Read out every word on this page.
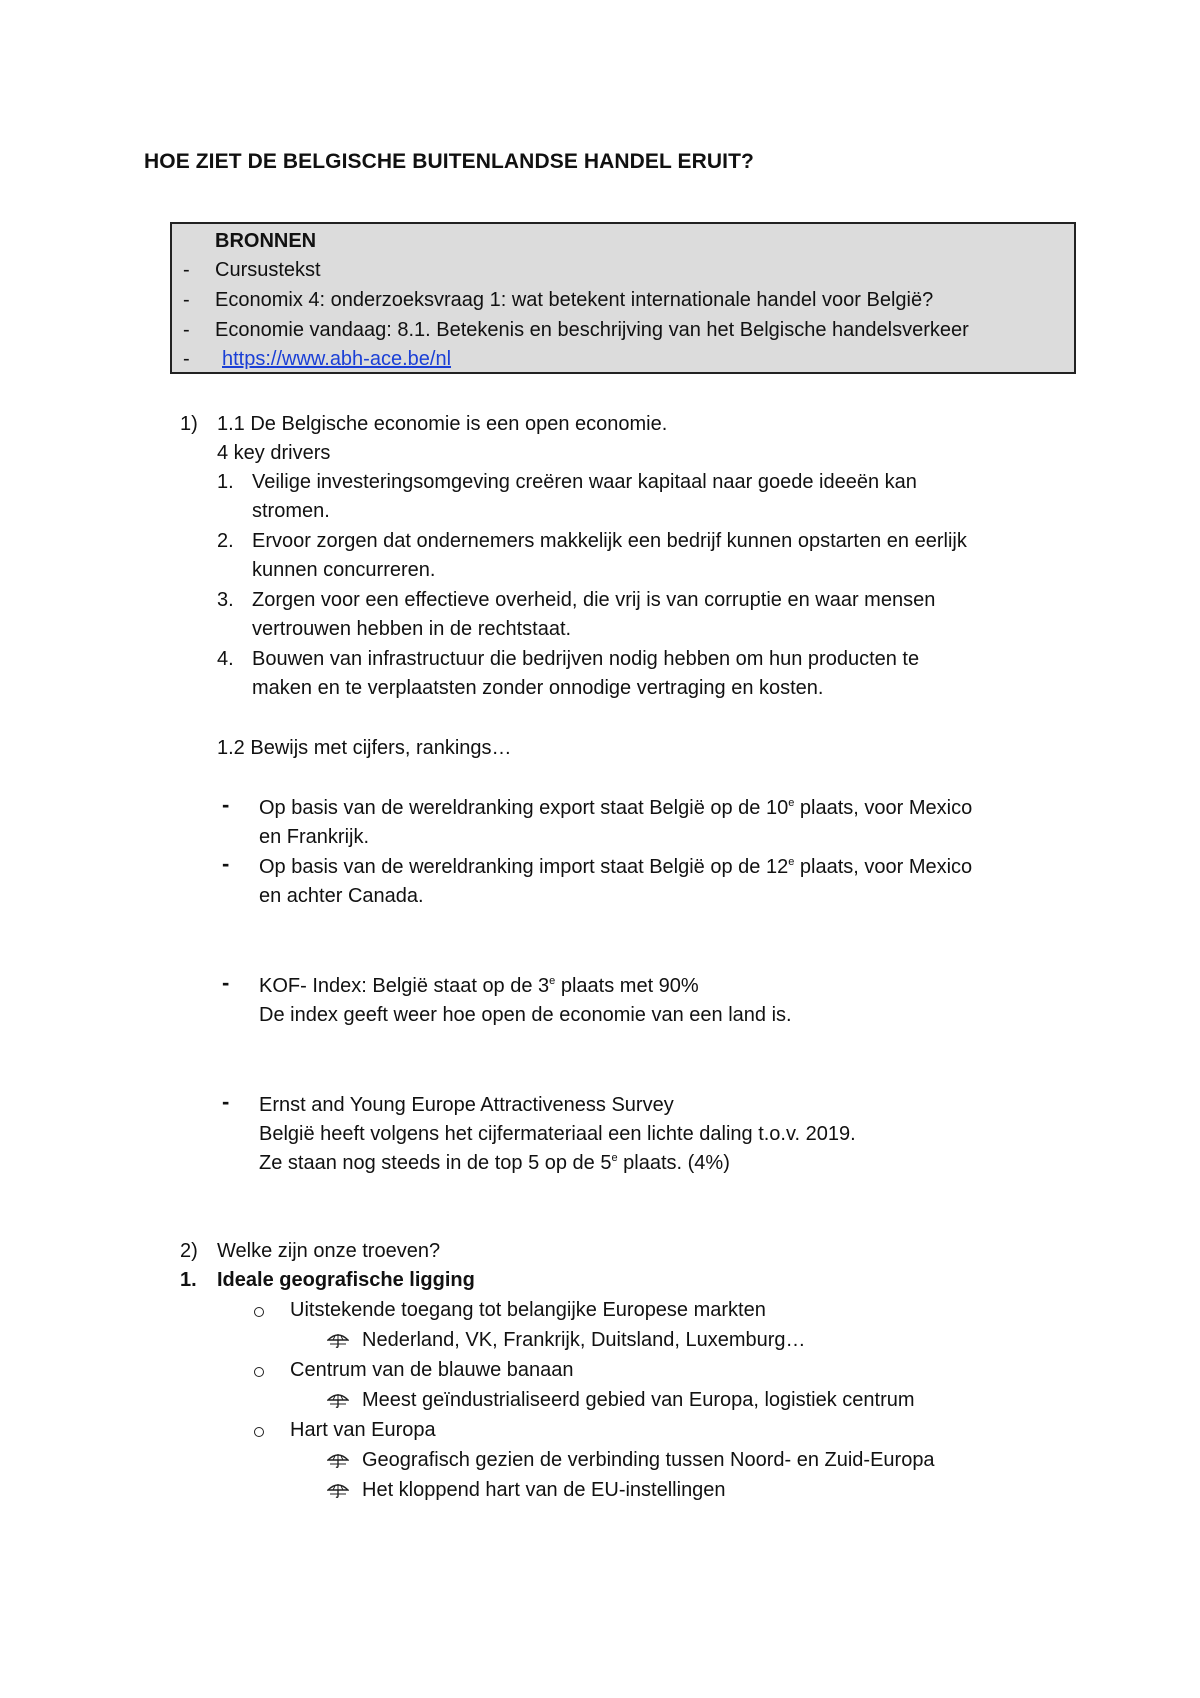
HOE ZIET DE BELGISCHE BUITENLANDSE HANDEL ERUIT?
BRONNEN
- Cursustekst
- Economix 4: onderzoeksvraag 1: wat betekent internationale handel voor België?
- Economie vandaag: 8.1. Betekenis en beschrijving van het Belgische handelsverkeer
- https://www.abh-ace.be/nl
1) 1.1 De Belgische economie is een open economie.
4 key drivers
1. Veilige investeringsomgeving creëren waar kapitaal naar goede ideeën kan
stromen.
2. Ervoor zorgen dat ondernemers makkelijk een bedrijf kunnen opstarten en eerlijk
kunnen concurreren.
3. Zorgen voor een effectieve overheid, die vrij is van corruptie en waar mensen
vertrouwen hebben in de rechtstaat.
4. Bouwen van infrastructuur die bedrijven nodig hebben om hun producten te
maken en te verplaatsten zonder onnodige vertraging en kosten.
1.2 Bewijs met cijfers, rankings…
- Op basis van de wereldranking export staat België op de 10e plaats, voor Mexico
en Frankrijk.
- Op basis van de wereldranking import staat België op de 12e plaats, voor Mexico
en achter Canada.
- KOF- Index: België staat op de 3e plaats met 90%
De index geeft weer hoe open de economie van een land is.
- Ernst and Young Europe Attractiveness Survey
België heeft volgens het cijfermateriaal een lichte daling t.o.v. 2019.
Ze staan nog steeds in de top 5 op de 5e plaats. (4%)
2) Welke zijn onze troeven?
1. Ideale geografische ligging
Uitstekende toegang tot belangijke Europese markten
Nederland, VK, Frankrijk, Duitsland, Luxemburg…
Centrum van de blauwe banaan
Meest geïndustrialiseerd gebied van Europa, logistiek centrum
Hart van Europa
Geografisch gezien de verbinding tussen Noord- en Zuid-Europa
Het kloppend hart van de EU-instellingen
